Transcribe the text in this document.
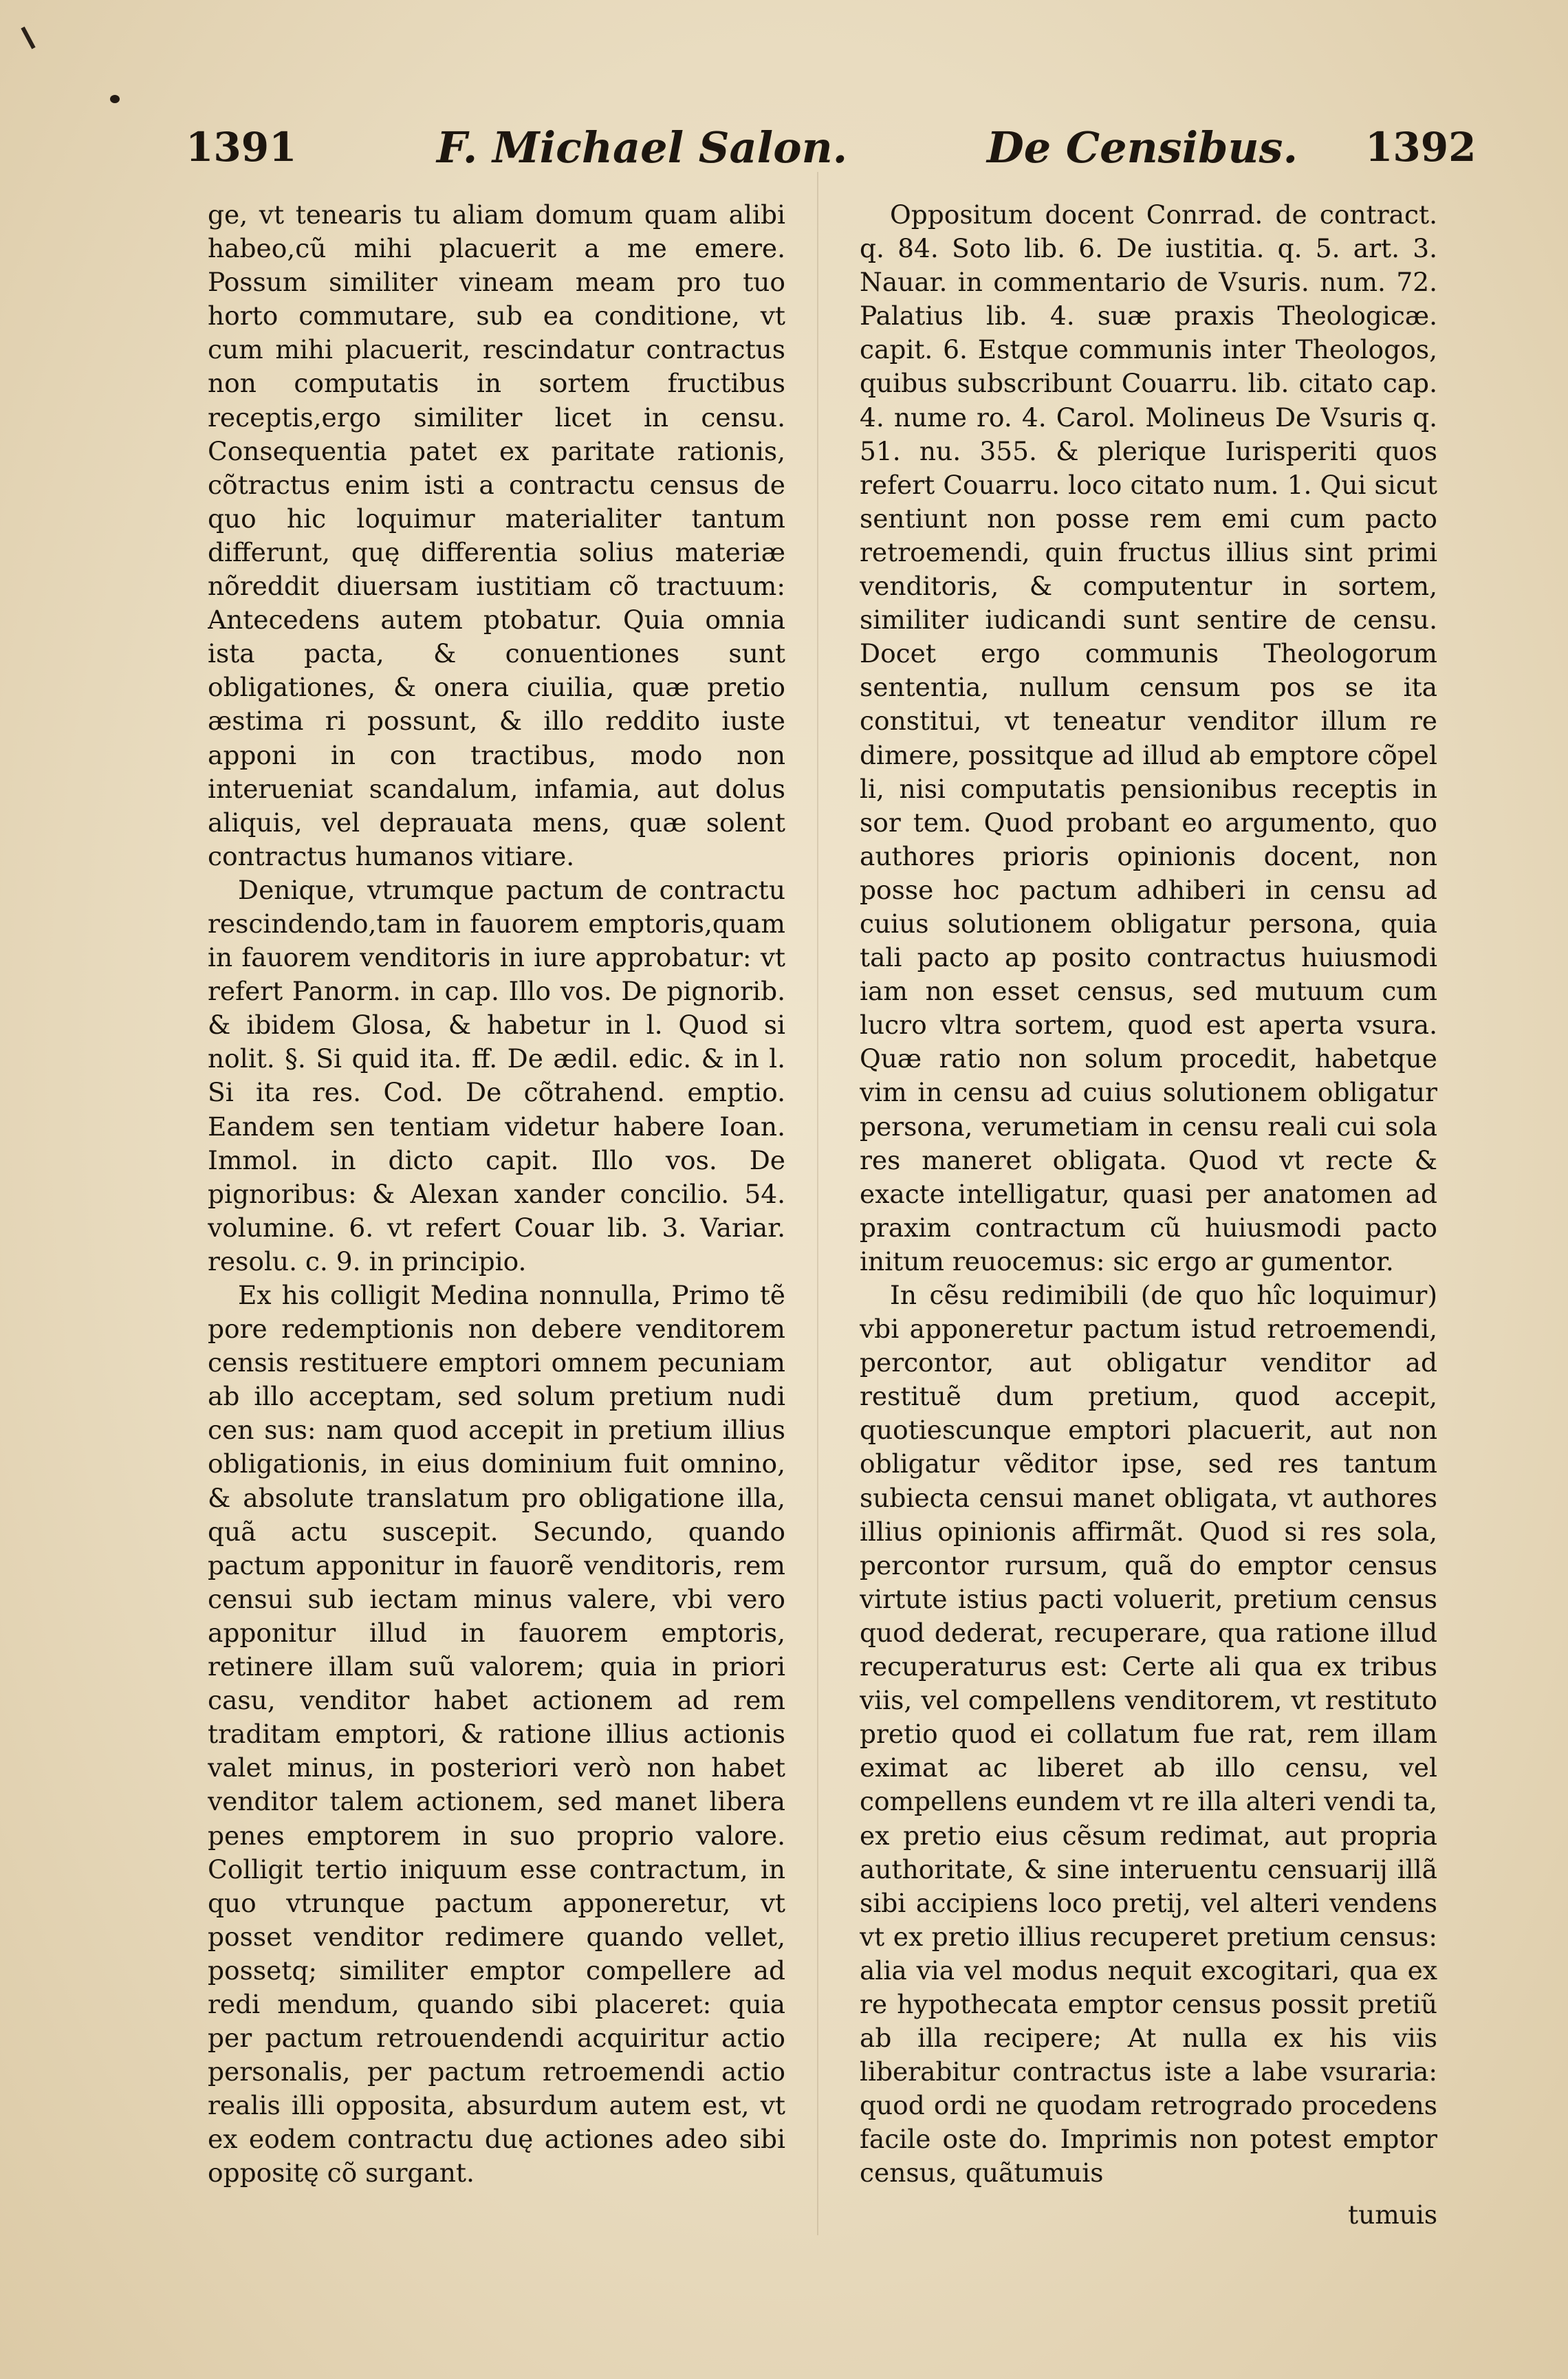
1391	F. Michael Salon.	De Censibus. 1392

ge, vt tenearis tu aliam domum quam alibi habeo,cũ mihi placuerit a me emere. Possum similiter vineam meam pro tuo horto commutare, sub ea conditione, vt cum mihi placuerit, rescindatur contractus non computatis in sortem fructibus receptis,ergo similiter licet in censu. Consequentia patet ex paritate rationis, cõtractus enim isti a contractu census de quo hic loquimur materialiter tantum differunt, quę differentia solius materiæ nõreddit diuersam iustitiam cõ tractuum: Antecedens autem ptobatur. Quia omnia ista pacta, & conuentiones sunt obligationes, & onera ciuilia, quæ pretio æstima ri possunt, & illo reddito iuste apponi in con tractibus, modo non interueniat scandalum, infamia, aut dolus aliquis, vel deprauata mens, quæ solent contractus humanos vitiare.

Denique, vtrumque pactum de contractu rescindendo,tam in fauorem emptoris,quam in fauorem venditoris in iure approbatur: vt refert Panorm. in cap. Illo vos. De pignorib. & ibidem Glosa, & habetur in l. Quod si nolit. §. Si quid ita. ff. De ædil. edic. & in l. Si ita res. Cod. De cõtrahend. emptio. Eandem sen tentiam videtur habere Ioan. Immol. in dicto capit. Illo vos. De pignoribus: & Alexan xander concilio. 54. volumine. 6. vt refert Couar lib. 3. Variar. resolu. c. 9. in principio.

Ex his colligit Medina nonnulla, Primo tẽ pore redemptionis non debere venditorem censis restituere emptori omnem pecuniam ab illo acceptam, sed solum pretium nudi cen sus: nam quod accepit in pretium illius obligationis, in eius dominium fuit omnino, & absolute translatum pro obligatione illa, quã actu suscepit. Secundo, quando pactum apponitur in fauorẽ venditoris, rem censui sub iectam minus valere, vbi vero apponitur illud in fauorem emptoris, retinere illam suũ valorem; quia in priori casu, venditor habet actionem ad rem traditam emptori, & ratione illius actionis valet minus, in posteriori verò non habet venditor talem actionem, sed manet libera penes emptorem in suo proprio valore. Colligit tertio iniquum esse contractum, in quo vtrunque pactum apponeretur, vt posset venditor redimere quando vellet, possetq; similiter emptor compellere ad redi mendum, quando sibi placeret: quia per pactum retrouendendi acquiritur actio personalis, per pactum retroemendi actio realis illi opposita, absurdum autem est, vt ex eodem contractu duę actiones adeo sibi oppositę cõ surgant.

Oppositum docent Conrrad. de contract. q. 84. Soto lib. 6. De iustitia. q. 5. art. 3. Nauar. in commentario de Vsuris. num. 72. Palatius lib. 4. suæ praxis Theologicæ. capit. 6. Estque communis inter Theologos, quibus subscribunt Couarru. lib. citato cap. 4. nume ro. 4. Carol. Molineus De Vsuris q. 51. nu. 355. & plerique Iurisperiti quos refert Couarru. loco citato num. 1. Qui sicut sentiunt non posse rem emi cum pacto retroemendi, quin fructus illius sint primi venditoris, & computentur in sortem, similiter iudicandi sunt sentire de censu. Docet ergo communis Theologorum sententia, nullum censum pos se ita constitui, vt teneatur venditor illum re dimere, possitque ad illud ab emptore cõpel li, nisi computatis pensionibus receptis in sor tem. Quod probant eo argumento, quo authores prioris opinionis docent, non posse hoc pactum adhiberi in censu ad cuius solutionem obligatur persona, quia tali pacto ap posito contractus huiusmodi iam non esset census, sed mutuum cum lucro vltra sortem, quod est aperta vsura. Quæ ratio non solum procedit, habetque vim in censu ad cuius solutionem obligatur persona, verumetiam in censu reali cui sola res maneret obligata. Quod vt recte & exacte intelligatur, quasi per anatomen ad praxim contractum cũ huiusmodi pacto initum reuocemus: sic ergo ar gumentor.

In cẽsu redimibili (de quo hîc loquimur) vbi apponeretur pactum istud retroemendi, percontor, aut obligatur venditor ad restituẽ dum pretium, quod accepit, quotiescunque emptori placuerit, aut non obligatur vẽditor ipse, sed res tantum subiecta censui manet obligata, vt authores illius opinionis affirmãt. Quod si res sola, percontor rursum, quã do emptor census virtute istius pacti voluerit, pretium census quod dederat, recuperare, qua ratione illud recuperaturus est: Certe ali qua ex tribus viis, vel compellens venditorem, vt restituto pretio quod ei collatum fue rat, rem illam eximat ac liberet ab illo censu, vel compellens eundem vt re illa alteri vendi ta, ex pretio eius cẽsum redimat, aut propria authoritate, & sine interuentu censuarij illã sibi accipiens loco pretij, vel alteri vendens vt ex pretio illius recuperet pretium census: alia via vel modus nequit excogitari, qua ex re hypothecata emptor census possit pretiũ ab illa recipere; At nulla ex his viis liberabitur contractus iste a labe vsuraria: quod ordi ne quodam retrogrado procedens facile oste do. Imprimis non potest emptor census, quãtumuis

tumuis
